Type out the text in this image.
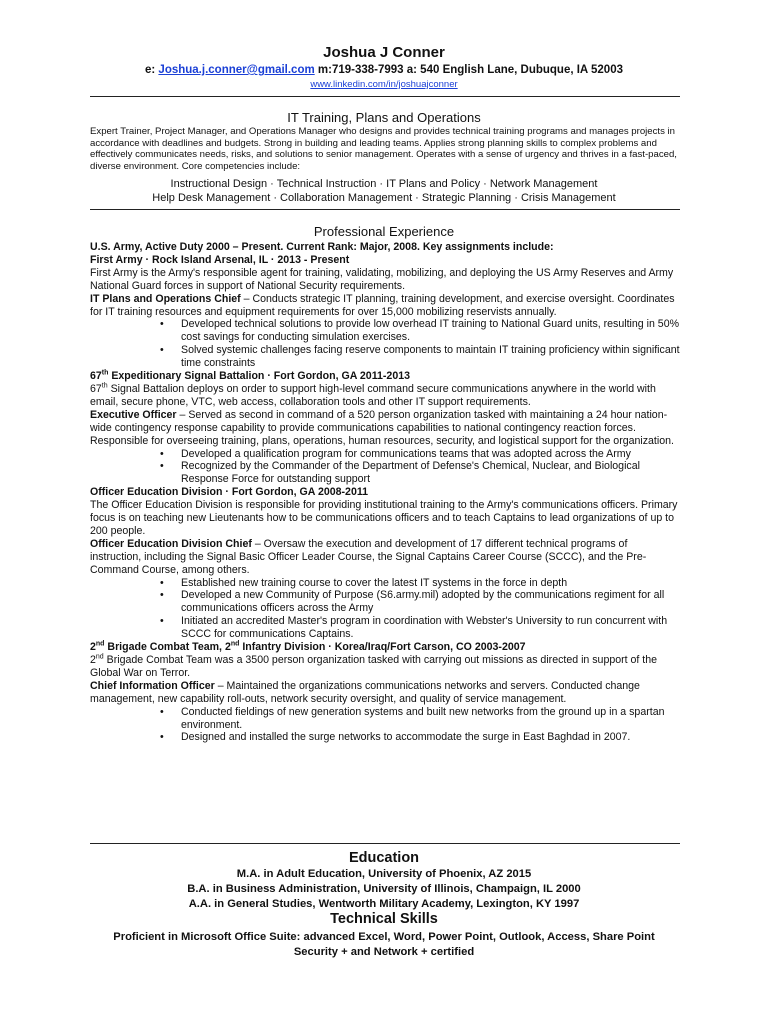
Joshua J Conner
e: Joshua.j.conner@gmail.com m:719-338-7993 a: 540 English Lane, Dubuque, IA 52003
www.linkedin.com/in/joshuajconner
IT Training, Plans and Operations
Expert Trainer, Project Manager, and Operations Manager who designs and provides technical training programs and manages projects in accordance with deadlines and budgets. Strong in building and leading teams. Applies strong planning skills to complex problems and effectively communicates needs, risks, and solutions to senior management. Operates with a sense of urgency and thrives in a fast-paced, diverse environment. Core competencies include:
Instructional Design · Technical Instruction · IT Plans and Policy · Network Management
Help Desk Management · Collaboration Management · Strategic Planning · Crisis Management
Professional Experience
U.S. Army, Active Duty 2000 – Present. Current Rank: Major, 2008. Key assignments include:
First Army · Rock Island Arsenal, IL · 2013 - Present
First Army is the Army's responsible agent for training, validating, mobilizing, and deploying the US Army Reserves and Army National Guard forces in support of National Security requirements.
IT Plans and Operations Chief – Conducts strategic IT planning, training development, and exercise oversight. Coordinates for IT training resources and equipment requirements for over 15,000 mobilizing reservists annually.
• Developed technical solutions to provide low overhead IT training to National Guard units, resulting in 50% cost savings for conducting simulation exercises.
• Solved systemic challenges facing reserve components to maintain IT training proficiency within significant time constraints
67th Expeditionary Signal Battalion · Fort Gordon, GA 2011-2013
67th Signal Battalion deploys on order to support high-level command secure communications anywhere in the world with email, secure phone, VTC, web access, collaboration tools and other IT support requirements.
Executive Officer – Served as second in command of a 520 person organization tasked with maintaining a 24 hour nation-wide contingency response capability to provide communications capabilities to national contingency reaction forces. Responsible for overseeing training, plans, operations, human resources, security, and logistical support for the organization.
• Developed a qualification program for communications teams that was adopted across the Army
• Recognized by the Commander of the Department of Defense's Chemical, Nuclear, and Biological Response Force for outstanding support
Officer Education Division · Fort Gordon, GA 2008-2011
The Officer Education Division is responsible for providing institutional training to the Army's communications officers. Primary focus is on teaching new Lieutenants how to be communications officers and to teach Captains to lead organizations of up to 200 people.
Officer Education Division Chief – Oversaw the execution and development of 17 different technical programs of instruction, including the Signal Basic Officer Leader Course, the Signal Captains Career Course (SCCC), and the Pre-Command Course, among others.
• Established new training course to cover the latest IT systems in the force in depth
• Developed a new Community of Purpose (S6.army.mil) adopted by the communications regiment for all communications officers across the Army
• Initiated an accredited Master's program in coordination with Webster's University to run concurrent with SCCC for communications Captains.
2nd Brigade Combat Team, 2nd Infantry Division · Korea/Iraq/Fort Carson, CO 2003-2007
2nd Brigade Combat Team was a 3500 person organization tasked with carrying out missions as directed in support of the Global War on Terror.
Chief Information Officer – Maintained the organizations communications networks and servers. Conducted change management, new capability roll-outs, network security oversight, and quality of service management.
• Conducted fieldings of new generation systems and built new networks from the ground up in a spartan environment.
• Designed and installed the surge networks to accommodate the surge in East Baghdad in 2007.
Education
M.A. in Adult Education, University of Phoenix, AZ 2015
B.A. in Business Administration, University of Illinois, Champaign, IL 2000
A.A. in General Studies, Wentworth Military Academy, Lexington, KY 1997
Technical Skills
Proficient in Microsoft Office Suite: advanced Excel, Word, Power Point, Outlook, Access, Share Point
Security + and Network + certified
